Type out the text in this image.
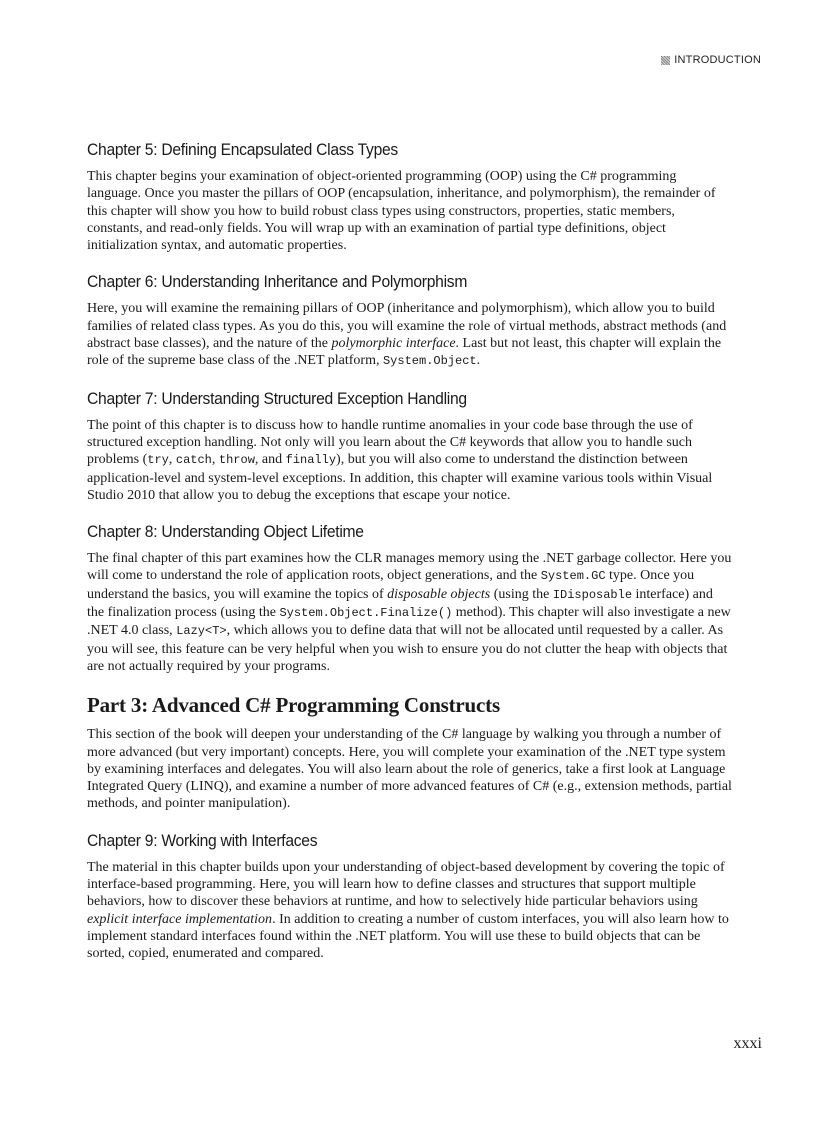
INTRODUCTION
Chapter 5: Defining Encapsulated Class Types

This chapter begins your examination of object-oriented programming (OOP) using the C# programming language. Once you master the pillars of OOP (encapsulation, inheritance, and polymorphism), the remainder of this chapter will show you how to build robust class types using constructors, properties, static members, constants, and read-only fields. You will wrap up with an examination of partial type definitions, object initialization syntax, and automatic properties.

Chapter 6: Understanding Inheritance and Polymorphism

Here, you will examine the remaining pillars of OOP (inheritance and polymorphism), which allow you to build families of related class types. As you do this, you will examine the role of virtual methods, abstract methods (and abstract base classes), and the nature of the polymorphic interface. Last but not least, this chapter will explain the role of the supreme base class of the .NET platform, System.Object.

Chapter 7: Understanding Structured Exception Handling

The point of this chapter is to discuss how to handle runtime anomalies in your code base through the use of structured exception handling. Not only will you learn about the C# keywords that allow you to handle such problems (try, catch, throw, and finally), but you will also come to understand the distinction between application-level and system-level exceptions. In addition, this chapter will examine various tools within Visual Studio 2010 that allow you to debug the exceptions that escape your notice.

Chapter 8: Understanding Object Lifetime

The final chapter of this part examines how the CLR manages memory using the .NET garbage collector. Here you will come to understand the role of application roots, object generations, and the System.GC type. Once you understand the basics, you will examine the topics of disposable objects (using the IDisposable interface) and the finalization process (using the System.Object.Finalize() method). This chapter will also investigate a new .NET 4.0 class, Lazy<T>, which allows you to define data that will not be allocated until requested by a caller. As you will see, this feature can be very helpful when you wish to ensure you do not clutter the heap with objects that are not actually required by your programs.

Part 3: Advanced C# Programming Constructs

This section of the book will deepen your understanding of the C# language by walking you through a number of more advanced (but very important) concepts. Here, you will complete your examination of the .NET type system by examining interfaces and delegates. You will also learn about the role of generics, take a first look at Language Integrated Query (LINQ), and examine a number of more advanced features of C# (e.g., extension methods, partial methods, and pointer manipulation).

Chapter 9: Working with Interfaces

The material in this chapter builds upon your understanding of object-based development by covering the topic of interface-based programming. Here, you will learn how to define classes and structures that support multiple behaviors, how to discover these behaviors at runtime, and how to selectively hide particular behaviors using explicit interface implementation. In addition to creating a number of custom interfaces, you will also learn how to implement standard interfaces found within the .NET platform. You will use these to build objects that can be sorted, copied, enumerated and compared.

xxxi
